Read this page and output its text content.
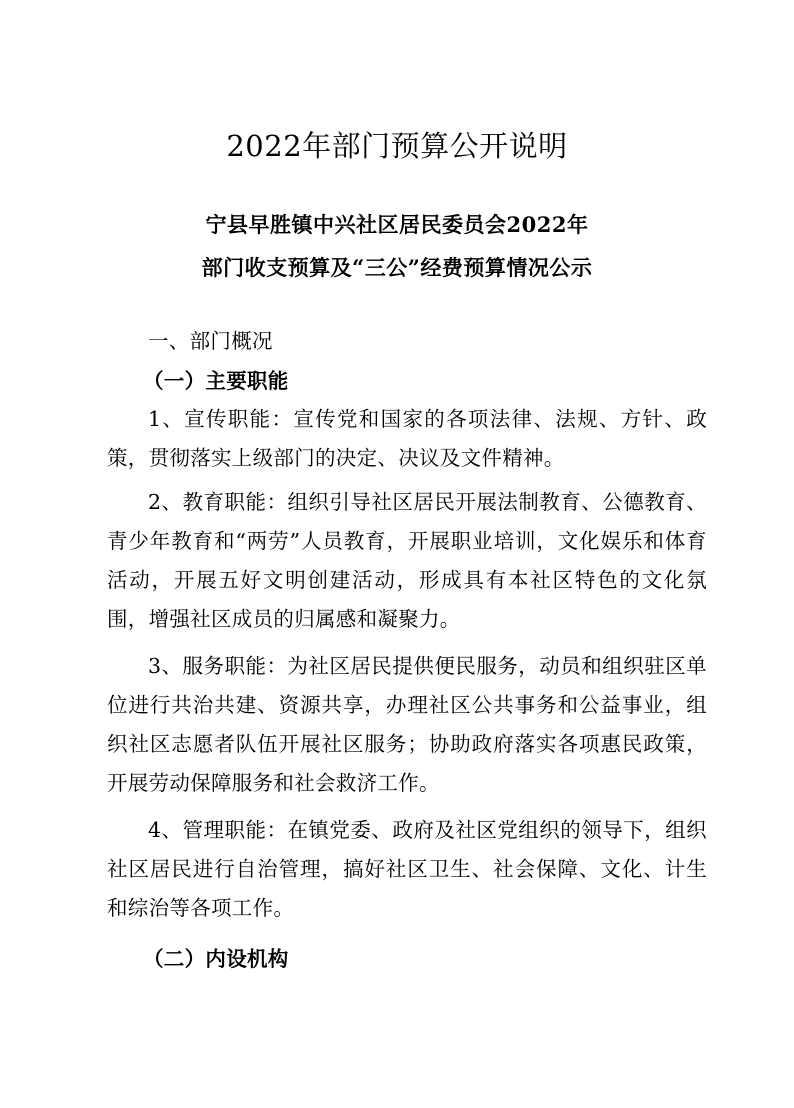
2022年部门预算公开说明
宁县早胜镇中兴社区居民委员会2022年
部门收支预算及“三公”经费预算情况公示
一、部门概况
（一）主要职能

1、宣传职能：宣传党和国家的各项法律、法规、方针、政策，贯彻落实上级部门的决定、决议及文件精神。

2、教育职能：组织引导社区居民开展法制教育、公德教育、青少年教育和“两劳”人员教育，开展职业培训，文化娱乐和体育活动，开展五好文明创建活动，形成具有本社区特色的文化氛围，增强社区成员的归属感和凝聚力。

3、服务职能：为社区居民提供便民服务，动员和组织驻区单位进行共治共建、资源共享，办理社区公共事务和公益事业，组织社区志愿者队伍开展社区服务；协助政府落实各项惠民政策，开展劳动保障服务和社会救济工作。

4、管理职能：在镇党委、政府及社区党组织的领导下，组织社区居民进行自治管理，搞好社区卫生、社会保障、文化、计生和综治等各项工作。

（二）内设机构
